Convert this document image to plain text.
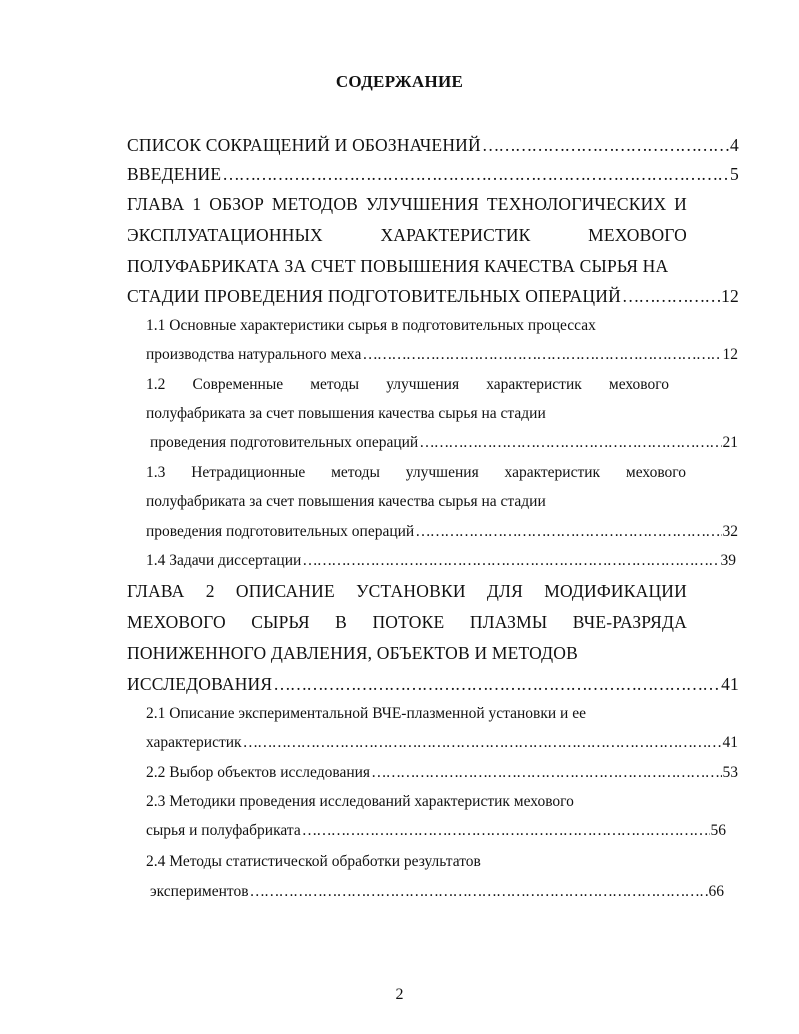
СОДЕРЖАНИЕ
СПИСОК СОКРАЩЕНИЙ И ОБОЗНАЧЕНИЙ …………………………………………………………………………………………………………………………………………………………………………	4
ВВЕДЕНИЕ …………………………………………………………………………………………………………………………………………………………………………	5
ГЛАВА 1 ОБЗОР МЕТОДОВ УЛУЧШЕНИЯ ТЕХНОЛОГИЧЕСКИХ И
ЭКСПЛУАТАЦИОННЫХ ХАРАКТЕРИСТИК МЕХОВОГО
ПОЛУФАБРИКАТА ЗА СЧЕТ ПОВЫШЕНИЯ КАЧЕСТВА СЫРЬЯ НА
СТАДИИ ПРОВЕДЕНИЯ ПОДГОТОВИТЕЛЬНЫХ ОПЕРАЦИЙ …………………………………………………………………………………………………………………………………………………………………………	12
1.1 Основные характеристики сырья в подготовительных процессах
производства натурального меха …………………………………………………………………………………………………………………………………………………………………………	12
1.2 Современные методы улучшения характеристик мехового
полуфабриката за счет повышения качества сырья на стадии
проведения подготовительных операций …………………………………………………………………………………………………………………………………………………………………………	21
1.3 Нетрадиционные методы улучшения характеристик мехового
полуфабриката за счет повышения качества сырья на стадии
проведения подготовительных операций …………………………………………………………………………………………………………………………………………………………………………	32
1.4 Задачи диссертации …………………………………………………………………………………………………………………………………………………………………………	39
ГЛАВА 2 ОПИСАНИЕ УСТАНОВКИ ДЛЯ МОДИФИКАЦИИ
МЕХОВОГО СЫРЬЯ В ПОТОКЕ ПЛАЗМЫ ВЧЕ-РАЗРЯДА
ПОНИЖЕННОГО ДАВЛЕНИЯ, ОБЪЕКТОВ И МЕТОДОВ
ИССЛЕДОВАНИЯ …………………………………………………………………………………………………………………………………………………………………………	41
2.1 Описание экспериментальной ВЧЕ-плазменной установки и ее
характеристик …………………………………………………………………………………………………………………………………………………………………………	41
2.2 Выбор объектов исследования …………………………………………………………………………………………………………………………………………………………………………	53
2.3 Методики проведения исследований характеристик мехового
сырья и полуфабриката …………………………………………………………………………………………………………………………………………………………………………	56
2.4 Методы статистической обработки результатов
экспериментов …………………………………………………………………………………………………………………………………………………………………………	66
2
